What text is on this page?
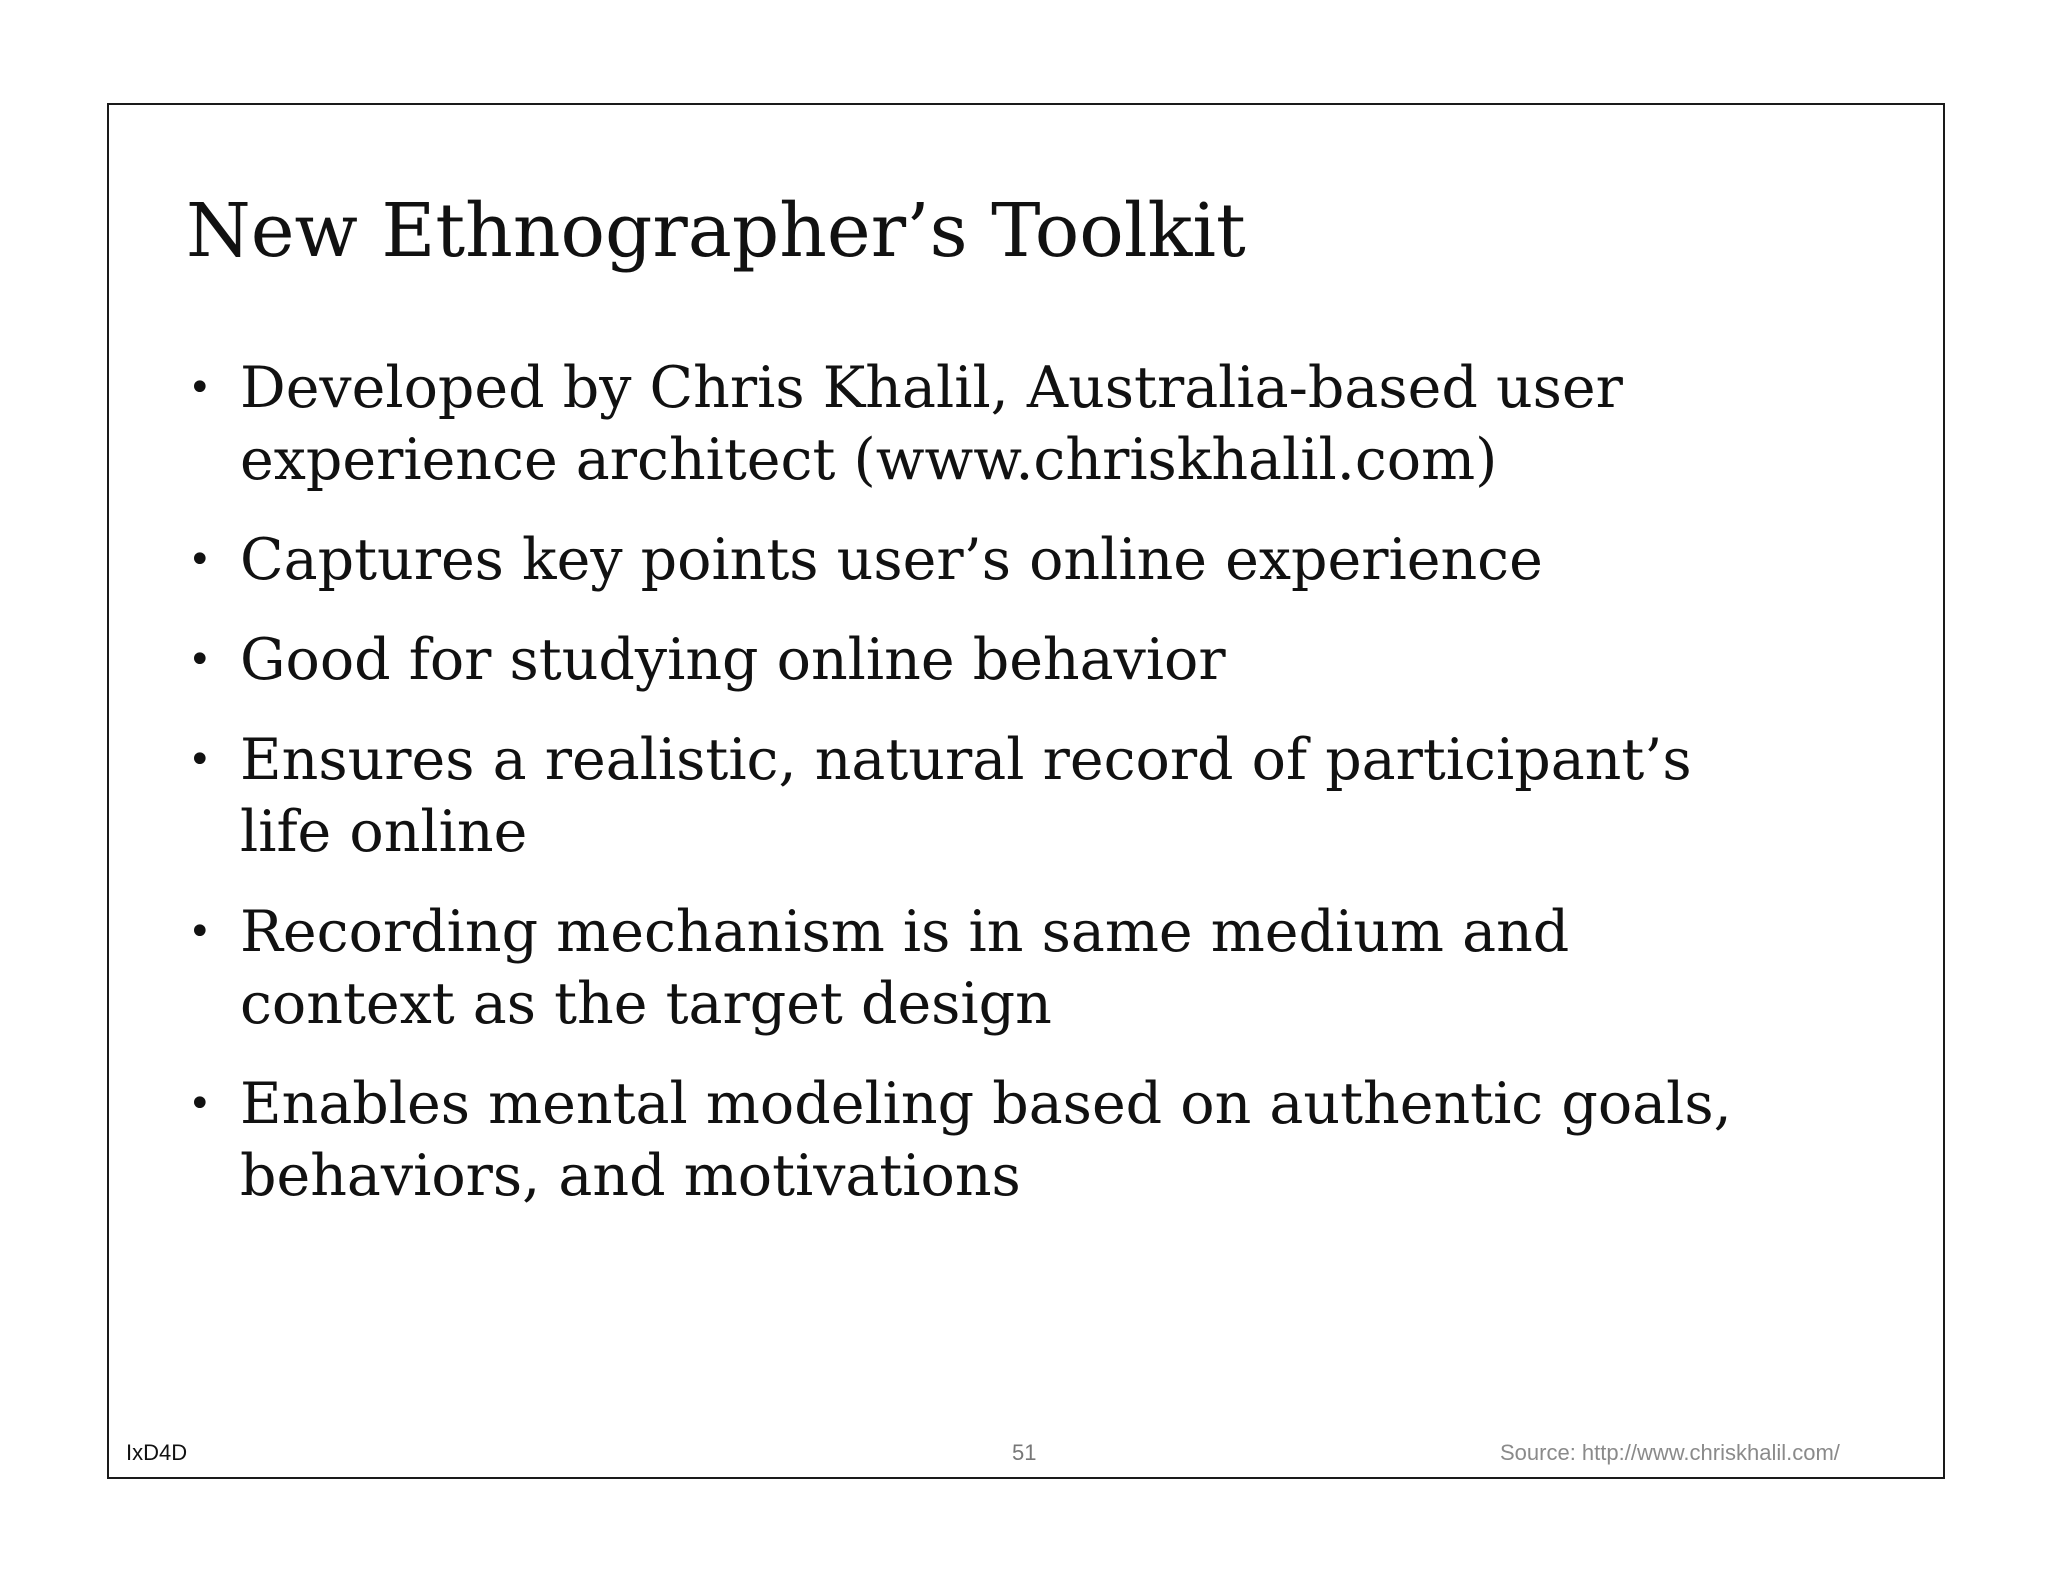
New Ethnographer’s Toolkit
• Developed by Chris Khalil, Australia-based user experience architect (www.chriskhalil.com)
• Captures key points user’s online experience
• Good for studying online behavior
• Ensures a realistic, natural record of participant’s life online
• Recording mechanism is in same medium and context as the target design
• Enables mental modeling based on authentic goals, behaviors, and motivations
IxD4D	51	Source: http://www.chriskhalil.com/
